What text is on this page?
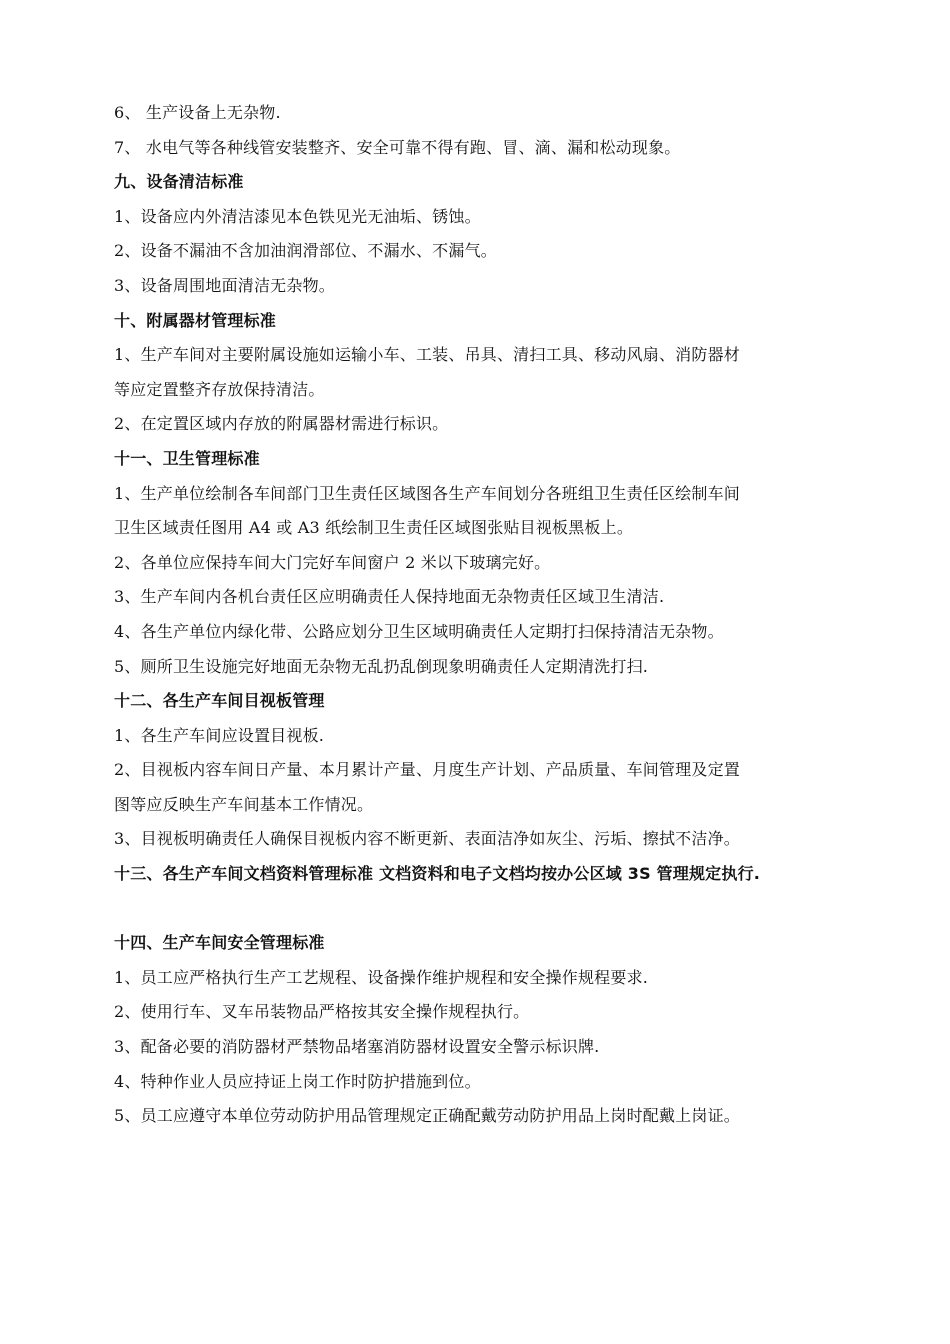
6、 生产设备上无杂物.
7、 水电气等各种线管安装整齐、安全可靠不得有跑、冒、滴、漏和松动现象。
九、设备清洁标准
1、设备应内外清洁漆见本色铁见光无油垢、锈蚀。
2、设备不漏油不含加油润滑部位、不漏水、不漏气。
3、设备周围地面清洁无杂物。
十、附属器材管理标准
1、生产车间对主要附属设施如运输小车、工装、吊具、清扫工具、移动风扇、消防器材
等应定置整齐存放保持清洁。
2、在定置区域内存放的附属器材需进行标识。
十一、卫生管理标准
1、生产单位绘制各车间部门卫生责任区域图各生产车间划分各班组卫生责任区绘制车间
卫生区域责任图用 A4 或 A3 纸绘制卫生责任区域图张贴目视板黑板上。
2、各单位应保持车间大门完好车间窗户 2 米以下玻璃完好。
3、生产车间内各机台责任区应明确责任人保持地面无杂物责任区域卫生清洁.
4、各生产单位内绿化带、公路应划分卫生区域明确责任人定期打扫保持清洁无杂物。
5、厕所卫生设施完好地面无杂物无乱扔乱倒现象明确责任人定期清洗打扫.
十二、各生产车间目视板管理
1、各生产车间应设置目视板.
2、目视板内容车间日产量、本月累计产量、月度生产计划、产品质量、车间管理及定置
图等应反映生产车间基本工作情况。
3、目视板明确责任人确保目视板内容不断更新、表面洁净如灰尘、污垢、擦拭不洁净。
十三、各生产车间文档资料管理标准 文档资料和电子文档均按办公区域 3S 管理规定执行.
十四、生产车间安全管理标准
1、员工应严格执行生产工艺规程、设备操作维护规程和安全操作规程要求.
2、使用行车、叉车吊装物品严格按其安全操作规程执行。
3、配备必要的消防器材严禁物品堵塞消防器材设置安全警示标识牌.
4、特种作业人员应持证上岗工作时防护措施到位。
5、员工应遵守本单位劳动防护用品管理规定正确配戴劳动防护用品上岗时配戴上岗证。
